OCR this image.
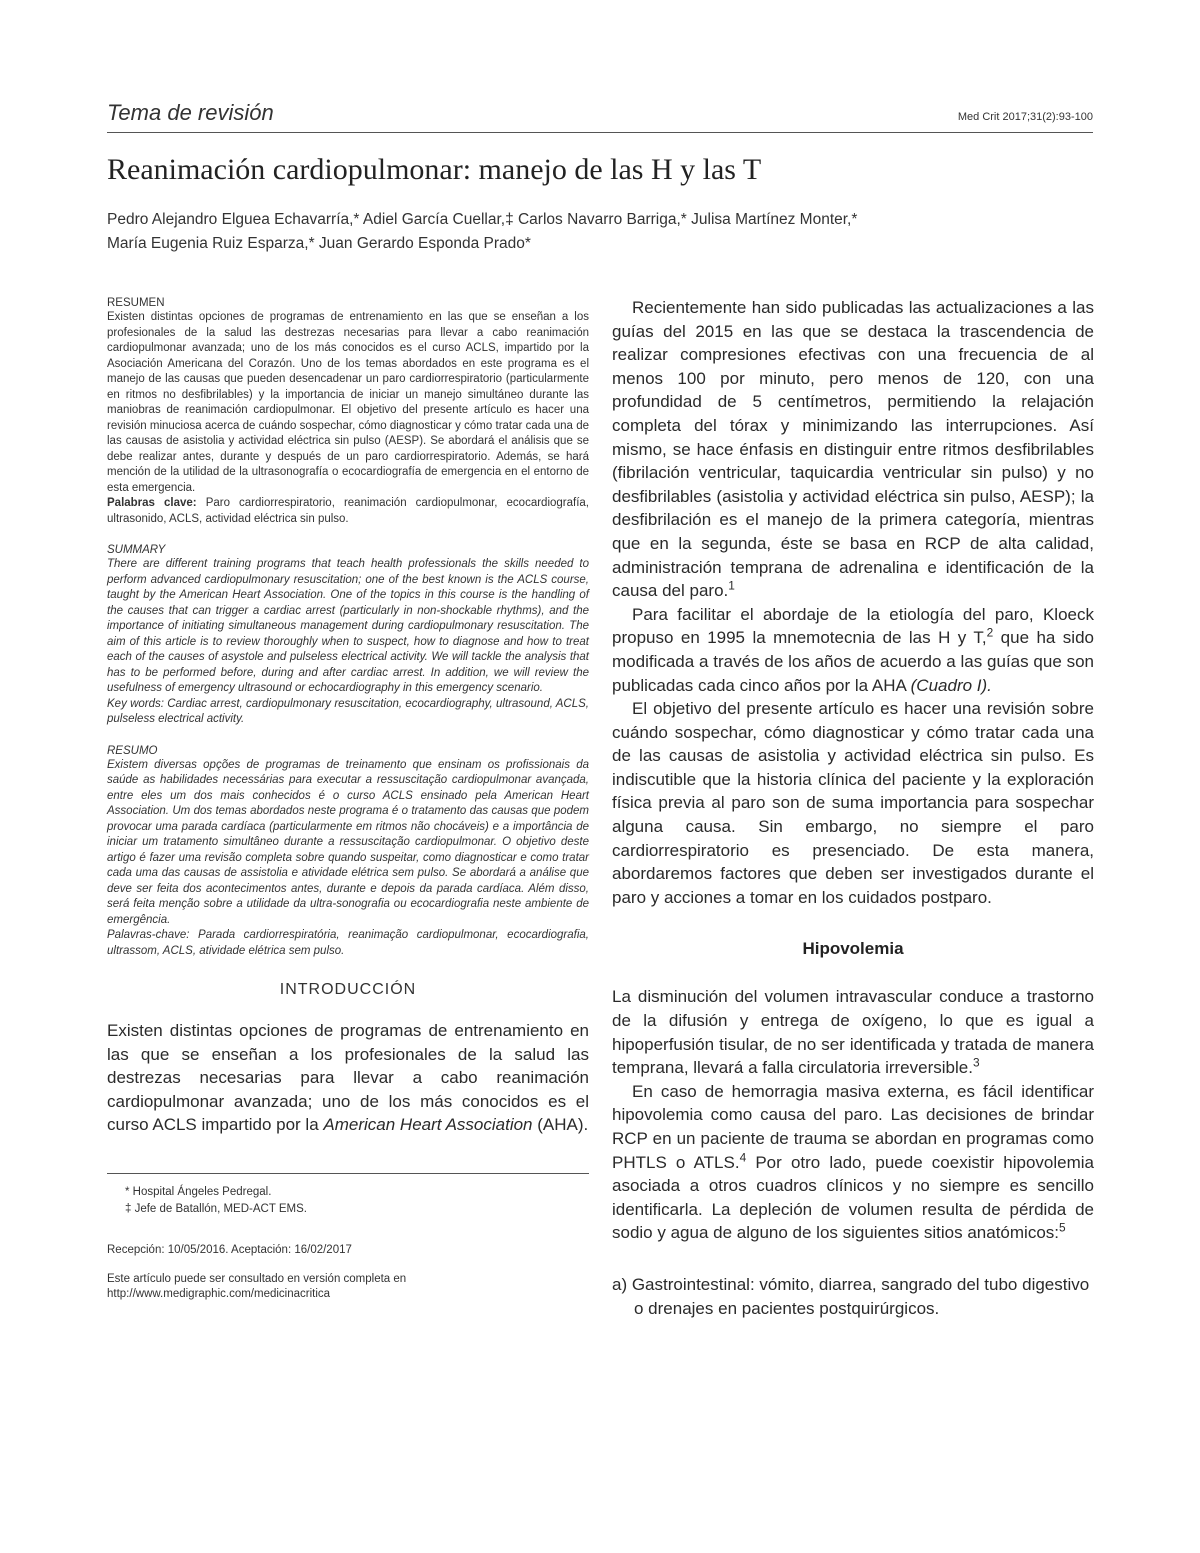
Tema de revisión	Med Crit 2017;31(2):93-100
Reanimación cardiopulmonar: manejo de las H y las T

Pedro Alejandro Elguea Echavarría,* Adiel García Cuellar,‡ Carlos Navarro Barriga,* Julisa Martínez Monter,*

María Eugenia Ruiz Esparza,* Juan Gerardo Esponda Prado*

RESUMEN

Existen distintas opciones de programas de entrenamiento en las que se enseñan a los profesionales de la salud las destrezas necesarias para llevar a cabo reanimación cardiopulmonar avanzada; uno de los más conocidos es el curso ACLS, impartido por la Asociación Americana del Corazón. Uno de los temas abordados en este programa es el manejo de las causas que pueden desencadenar un paro cardiorrespiratorio (particularmente en ritmos no desfibrilables) y la importancia de iniciar un manejo simultáneo durante las maniobras de reanimación cardiopulmonar. El objetivo del presente artículo es hacer una revisión minuciosa acerca de cuándo sospechar, cómo diagnosticar y cómo tratar cada una de las causas de asistolia y actividad eléctrica sin pulso (AESP). Se abordará el análisis que se debe realizar antes, durante y después de un paro cardiorrespiratorio. Además, se hará mención de la utilidad de la ultrasonografía o ecocardiografía de emergencia en el entorno de esta emergencia.

Palabras clave: Paro cardiorrespiratorio, reanimación cardiopulmonar, ecocardiografía, ultrasonido, ACLS, actividad eléctrica sin pulso.

SUMMARY

There are different training programs that teach health professionals the skills needed to perform advanced cardiopulmonary resuscitation; one of the best known is the ACLS course, taught by the American Heart Association. One of the topics in this course is the handling of the causes that can trigger a cardiac arrest (particularly in non-shockable rhythms), and the importance of initiating simultaneous management during cardiopulmonary resuscitation. The aim of this article is to review thoroughly when to suspect, how to diagnose and how to treat each of the causes of asystole and pulseless electrical activity. We will tackle the analysis that has to be performed before, during and after cardiac arrest. In addition, we will review the usefulness of emergency ultrasound or echocardiography in this emergency scenario.

Key words: Cardiac arrest, cardiopulmonary resuscitation, ecocardiography, ultrasound, ACLS, pulseless electrical activity.

RESUMO

Existem diversas opções de programas de treinamento que ensinam os profissionais da saúde as habilidades necessárias para executar a ressuscitação cardiopulmonar avançada, entre eles um dos mais conhecidos é o curso ACLS ensinado pela American Heart Association. Um dos temas abordados neste programa é o tratamento das causas que podem provocar uma parada cardíaca (particularmente em ritmos não chocáveis) e a importância de iniciar um tratamento simultâneo durante a ressuscitação cardiopulmonar. O objetivo deste artigo é fazer uma revisão completa sobre quando suspeitar, como diagnosticar e como tratar cada uma das causas de assistolia e atividade elétrica sem pulso. Se abordará a análise que deve ser feita dos acontecimentos antes, durante e depois da parada cardíaca. Além disso, será feita menção sobre a utilidade da ultra-sonografia ou ecocardiografia neste ambiente de emergência.

Palavras-chave: Parada cardiorrespiratória, reanimação cardiopulmonar, ecocardiografia, ultrassom, ACLS, atividade elétrica sem pulso.

INTRODUCCIÓN

Existen distintas opciones de programas de entrenamiento en las que se enseñan a los profesionales de la salud las destrezas necesarias para llevar a cabo reanimación cardiopulmonar avanzada; uno de los más conocidos es el curso ACLS impartido por la American Heart Association (AHA).

* Hospital Ángeles Pedregal.

‡ Jefe de Batallón, MED-ACT EMS.

Recepción: 10/05/2016. Aceptación: 16/02/2017

Este artículo puede ser consultado en versión completa en
http://www.medigraphic.com/medicinacritica

Recientemente han sido publicadas las actualizaciones a las guías del 2015 en las que se destaca la trascendencia de realizar compresiones efectivas con una frecuencia de al menos 100 por minuto, pero menos de 120, con una profundidad de 5 centímetros, permitiendo la relajación completa del tórax y minimizando las interrupciones. Así mismo, se hace énfasis en distinguir entre ritmos desfibrilables (fibrilación ventricular, taquicardia ventricular sin pulso) y no desfibrilables (asistolia y actividad eléctrica sin pulso, AESP); la desfibrilación es el manejo de la primera categoría, mientras que en la segunda, éste se basa en RCP de alta calidad, administración temprana de adrenalina e identificación de la causa del paro.$^1$

Para facilitar el abordaje de la etiología del paro, Kloeck propuso en 1995 la mnemotecnia de las H y T,$^2$ que ha sido modificada a través de los años de acuerdo a las guías que son publicadas cada cinco años por la AHA (Cuadro I).

El objetivo del presente artículo es hacer una revisión sobre cuándo sospechar, cómo diagnosticar y cómo tratar cada una de las causas de asistolia y actividad eléctrica sin pulso. Es indiscutible que la historia clínica del paciente y la exploración física previa al paro son de suma importancia para sospechar alguna causa. Sin embargo, no siempre el paro cardiorrespiratorio es presenciado. De esta manera, abordaremos factores que deben ser investigados durante el paro y acciones a tomar en los cuidados postparo.

Hipovolemia

La disminución del volumen intravascular conduce a trastorno de la difusión y entrega de oxígeno, lo que es igual a hipoperfusión tisular, de no ser identificada y tratada de manera temprana, llevará a falla circulatoria irreversible.$^3$

En caso de hemorragia masiva externa, es fácil identificar hipovolemia como causa del paro. Las decisiones de brindar RCP en un paciente de trauma se abordan en programas como PHTLS o ATLS.$^4$ Por otro lado, puede coexistir hipovolemia asociada a otros cuadros clínicos y no siempre es sencillo identificarla. La depleción de volumen resulta de pérdida de sodio y agua de alguno de los siguientes sitios anatómicos:$^5$

a) Gastrointestinal: vómito, diarrea, sangrado del tubo digestivo o drenajes en pacientes postquirúrgicos.
